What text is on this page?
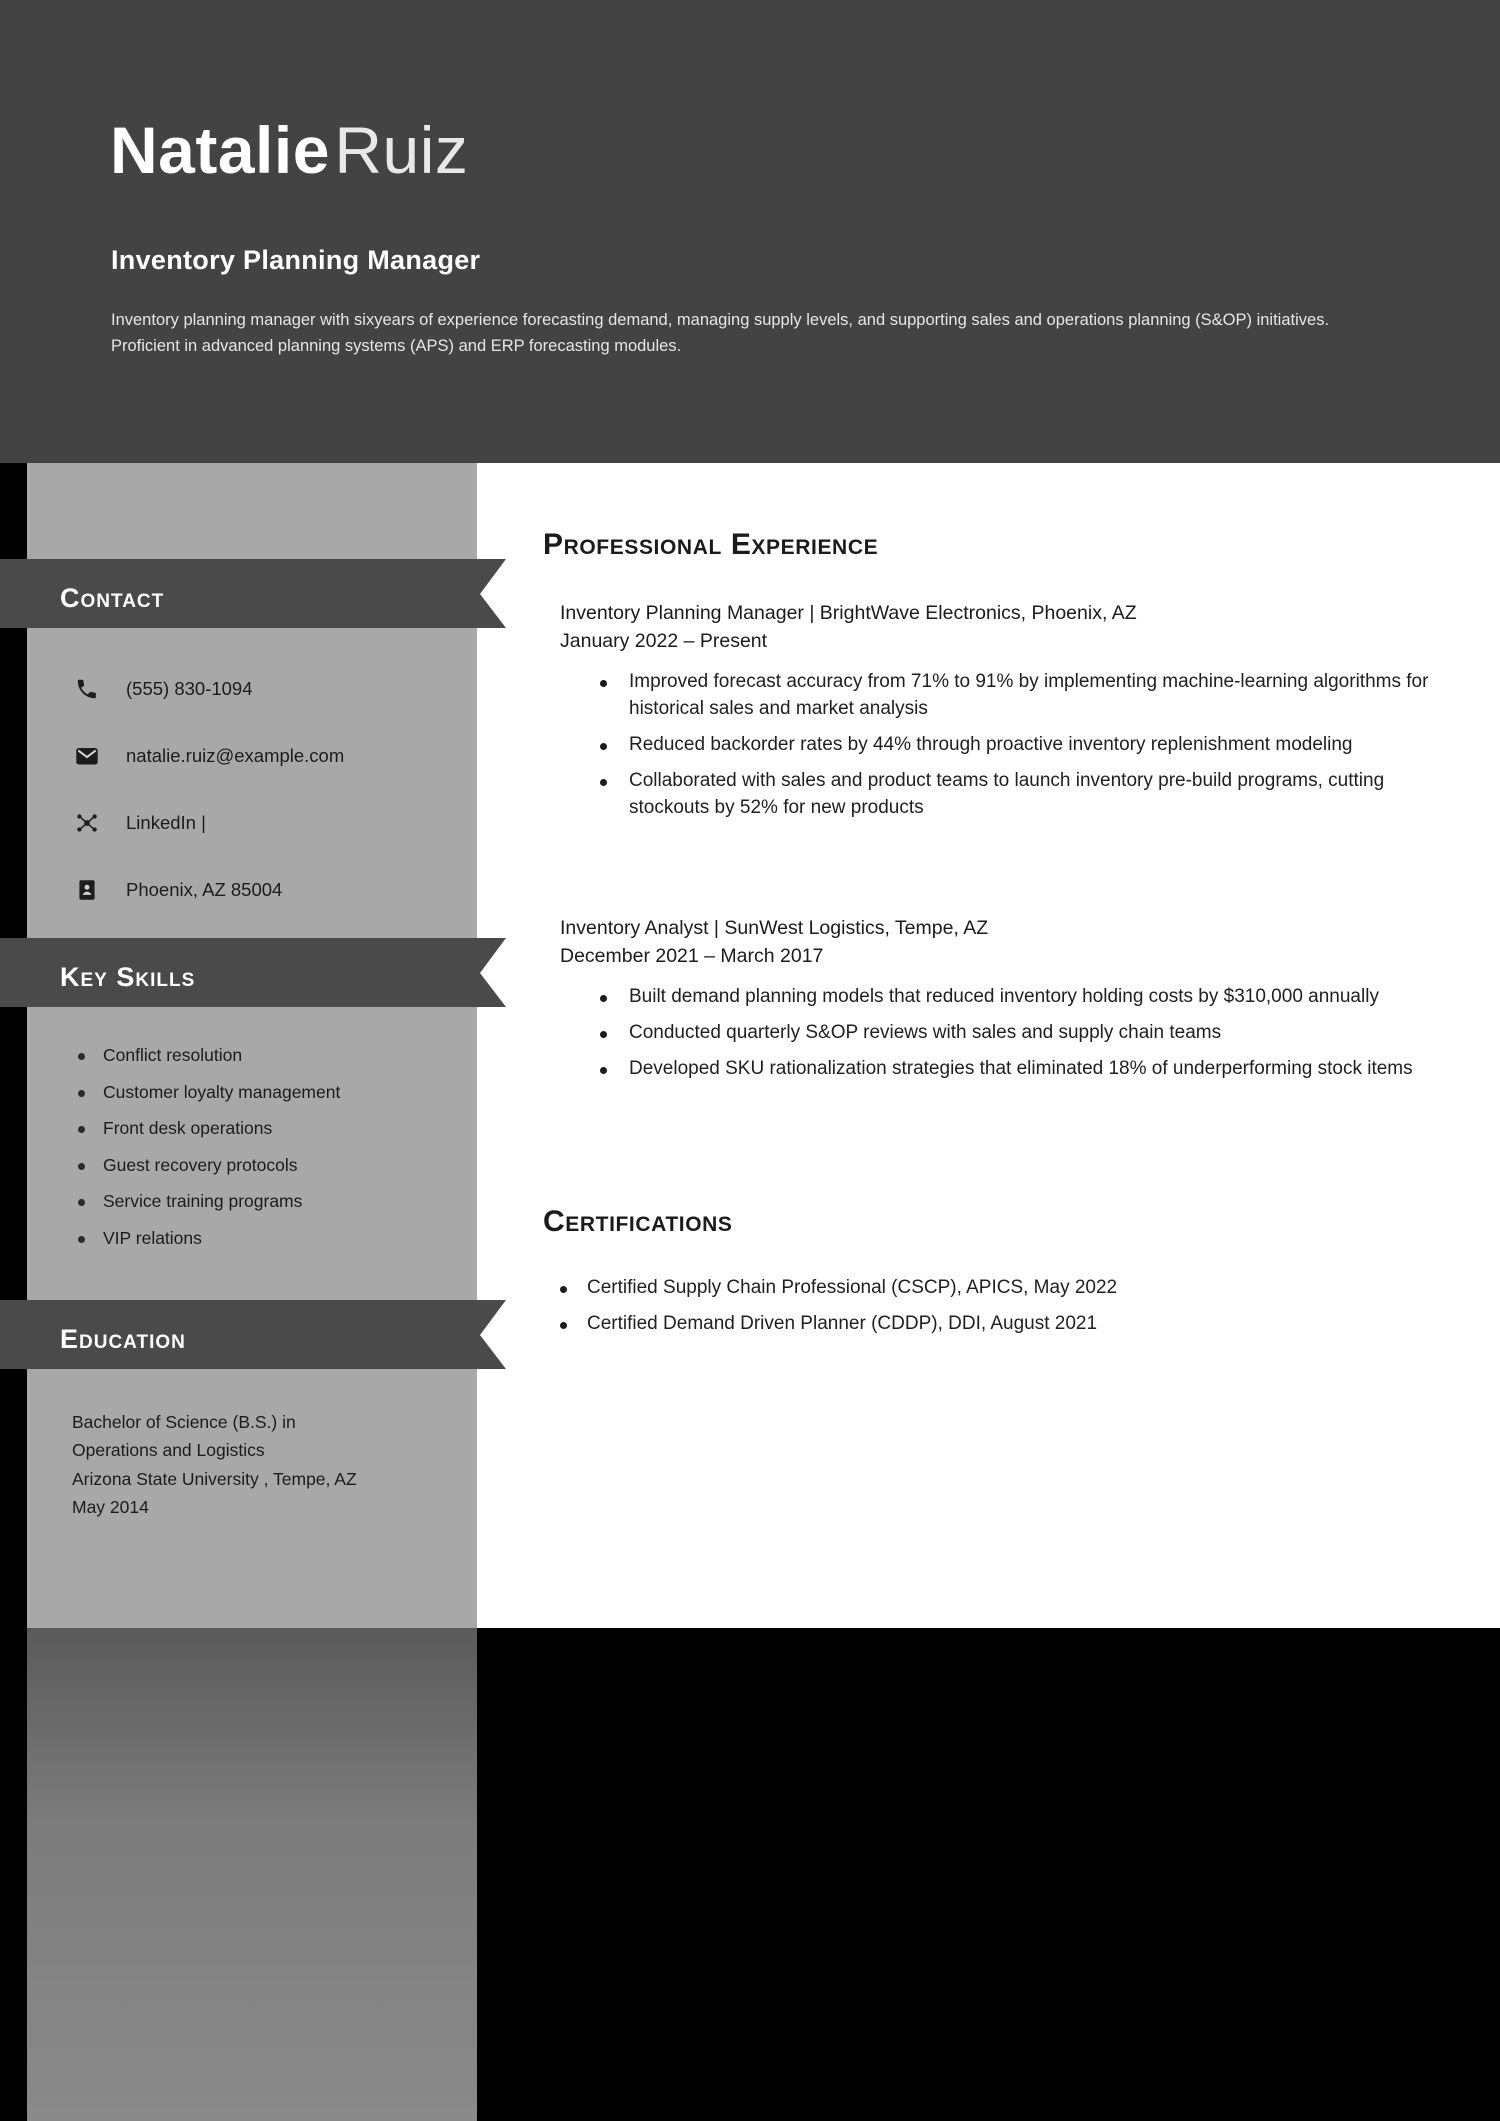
Natalie Ruiz
Inventory Planning Manager
Inventory planning manager with sixyears of experience forecasting demand, managing supply levels, and supporting sales and operations planning (S&OP) initiatives. Proficient in advanced planning systems (APS) and ERP forecasting modules.
Contact
(555) 830-1094
natalie.ruiz@example.com
LinkedIn |
Phoenix, AZ 85004
Key Skills
Conflict resolution
Customer loyalty management
Front desk operations
Guest recovery protocols
Service training programs
VIP relations
Education
Bachelor of Science (B.S.) in
Operations and Logistics
Arizona State University , Tempe, AZ
May 2014
Professional Experience
Inventory Planning Manager | BrightWave Electronics, Phoenix, AZ
January 2022 – Present
Improved forecast accuracy from 71% to 91% by implementing machine-learning algorithms for historical sales and market analysis
Reduced backorder rates by 44% through proactive inventory replenishment modeling
Collaborated with sales and product teams to launch inventory pre-build programs, cutting stockouts by 52% for new products
Inventory Analyst | SunWest Logistics, Tempe, AZ
December 2021 – March 2017
Built demand planning models that reduced inventory holding costs by $310,000 annually
Conducted quarterly S&OP reviews with sales and supply chain teams
Developed SKU rationalization strategies that eliminated 18% of underperforming stock items
Certifications
Certified Supply Chain Professional (CSCP), APICS, May 2022
Certified Demand Driven Planner (CDDP), DDI, August 2021
